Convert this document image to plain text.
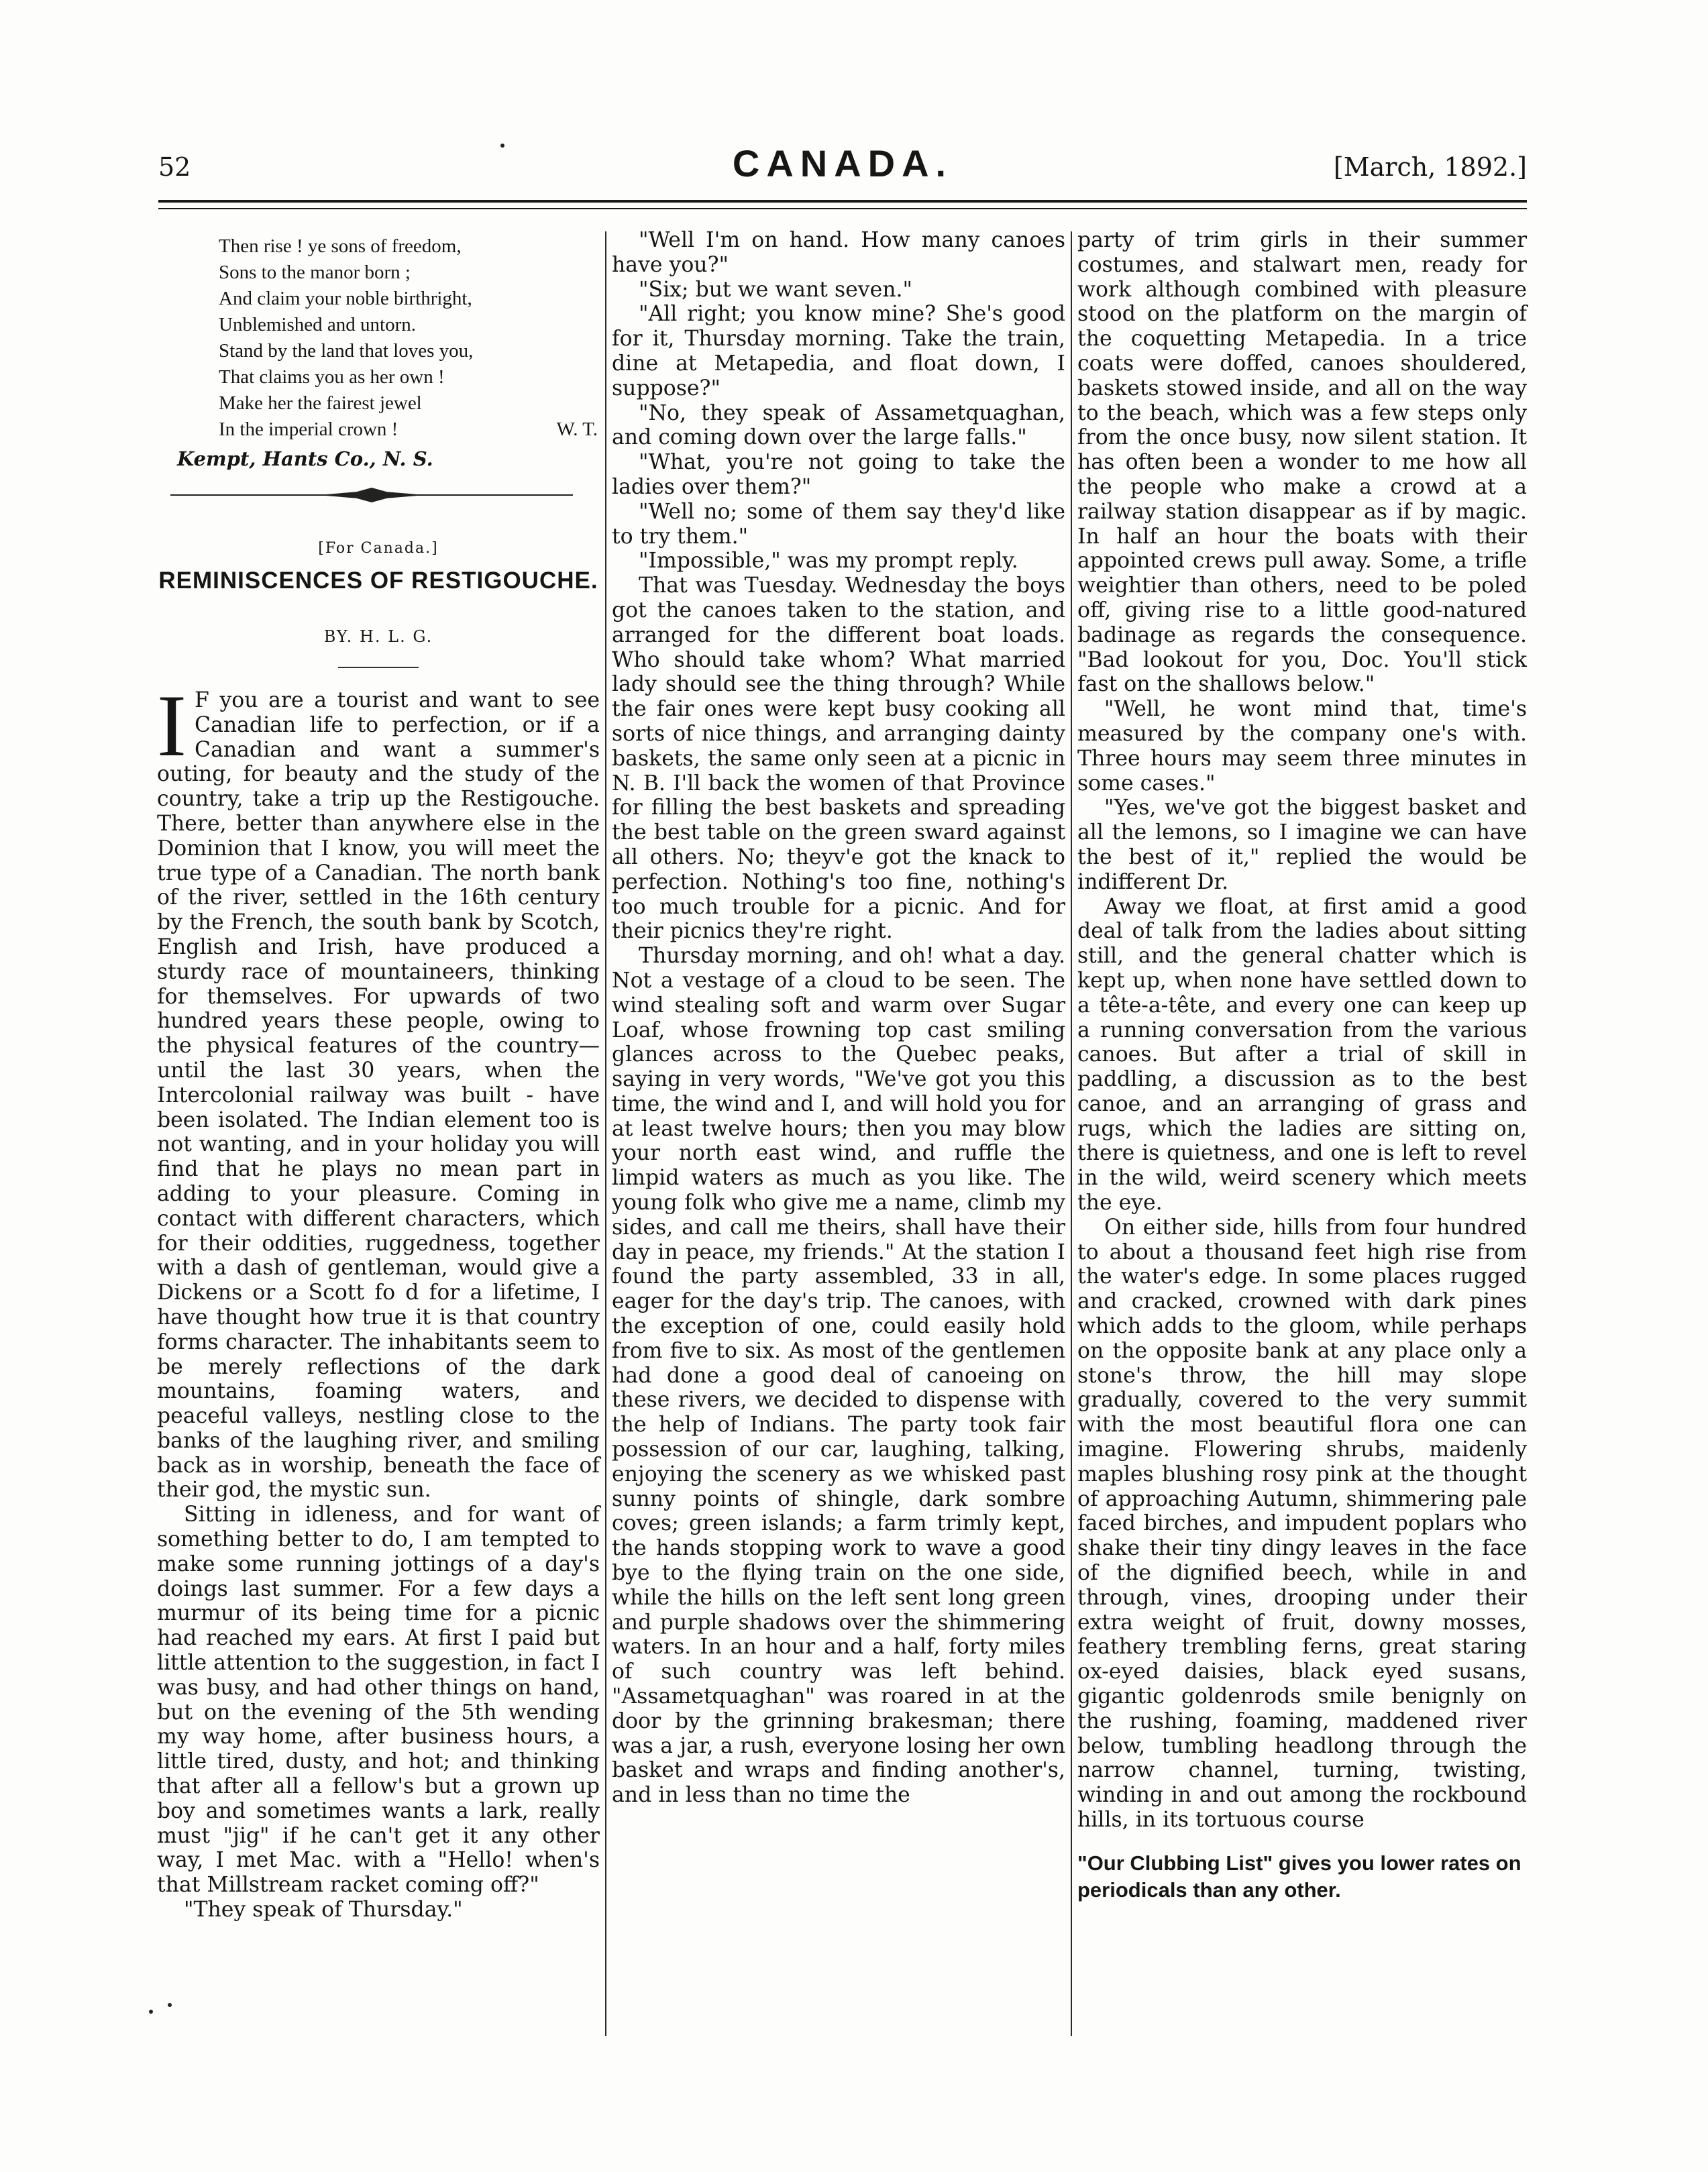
52	CANADA.	[March, 1892.]
Then rise ! ye sons of freedom,
Sons to the manor born ;
And claim your noble birthright,
Unblemished and untorn.
Stand by the land that loves you,
That claims you as her own !
Make her the fairest jewel
In the imperial crown !	W. T.
Kempt, Hants Co., N. S.
[For Canada.]
REMINISCENCES OF RESTIGOUCHE.
BY. H. L. G.
I F you are a tourist and want to see Canadian life to perfection, or if a Canadian and want a summer's outing, for beauty and the study of the country, take a trip up the Restigouche. There, better than anywhere else in the Dominion that I know, you will meet the true type of a Canadian. The north bank of the river, settled in the 16th century by the French, the south bank by Scotch, English and Irish, have produced a sturdy race of mountaineers, thinking for themselves. For upwards of two hundred years these people, owing to the physical features of the country—until the last 30 years, when the Intercolonial railway was built - have been isolated. The Indian element too is not wanting, and in your holiday you will find that he plays no mean part in adding to your pleasure. Coming in contact with different characters, which for their oddities, ruggedness, together with a dash of gentleman, would give a Dickens or a Scott fo d for a lifetime, I have thought how true it is that country forms character. The inhabitants seem to be merely reflections of the dark mountains, foaming waters, and peaceful valleys, nestling close to the banks of the laughing river, and smiling back as in worship, beneath the face of their god, the mystic sun.

Sitting in idleness, and for want of something better to do, I am tempted to make some running jottings of a day's doings last summer. For a few days a murmur of its being time for a picnic had reached my ears. At first I paid but little attention to the suggestion, in fact I was busy, and had other things on hand, but on the evening of the 5th wending my way home, after business hours, a little tired, dusty, and hot; and thinking that after all a fellow's but a grown up boy and sometimes wants a lark, really must "jig" if he can't get it any other way, I met Mac. with a "Hello! when's that Millstream racket coming off?"

"They speak of Thursday."

"Well I'm on hand. How many canoes have you?"

"Six; but we want seven."

"All right; you know mine? She's good for it, Thursday morning. Take the train, dine at Metapedia, and float down, I suppose?"

"No, they speak of Assametquaghan, and coming down over the large falls."

"What, you're not going to take the ladies over them?"

"Well no; some of them say they'd like to try them."

"Impossible," was my prompt reply.

That was Tuesday. Wednesday the boys got the canoes taken to the station, and arranged for the different boat loads. Who should take whom? What married lady should see the thing through? While the fair ones were kept busy cooking all sorts of nice things, and arranging dainty baskets, the same only seen at a picnic in N. B. I'll back the women of that Province for filling the best baskets and spreading the best table on the green sward against all others. No; theyv'e got the knack to perfection. Nothing's too fine, nothing's too much trouble for a picnic. And for their picnics they're right.

Thursday morning, and oh! what a day. Not a vestage of a cloud to be seen. The wind stealing soft and warm over Sugar Loaf, whose frowning top cast smiling glances across to the Quebec peaks, saying in very words, "We've got you this time, the wind and I, and will hold you for at least twelve hours; then you may blow your north east wind, and ruffle the limpid waters as much as you like. The young folk who give me a name, climb my sides, and call me theirs, shall have their day in peace, my friends." At the station I found the party assembled, 33 in all, eager for the day's trip. The canoes, with the exception of one, could easily hold from five to six. As most of the gentlemen had done a good deal of canoeing on these rivers, we decided to dispense with the help of Indians. The party took fair possession of our car, laughing, talking, enjoying the scenery as we whisked past sunny points of shingle, dark sombre coves; green islands; a farm trimly kept, the hands stopping work to wave a good bye to the flying train on the one side, while the hills on the left sent long green and purple shadows over the shimmering waters. In an hour and a half, forty miles of such country was left behind. "Assametquaghan" was roared in at the door by the grinning brakesman; there was a jar, a rush, everyone losing her own basket and wraps and finding another's, and in less than no time the

party of trim girls in their summer costumes, and stalwart men, ready for work although combined with pleasure stood on the platform on the margin of the coquetting Metapedia. In a trice coats were doffed, canoes shouldered, baskets stowed inside, and all on the way to the beach, which was a few steps only from the once busy, now silent station. It has often been a wonder to me how all the people who make a crowd at a railway station disappear as if by magic. In half an hour the boats with their appointed crews pull away. Some, a trifle weightier than others, need to be poled off, giving rise to a little good-natured badinage as regards the consequence. "Bad lookout for you, Doc. You'll stick fast on the shallows below."

"Well, he wont mind that, time's measured by the company one's with. Three hours may seem three minutes in some cases."

"Yes, we've got the biggest basket and all the lemons, so I imagine we can have the best of it," replied the would be indifferent Dr.

Away we float, at first amid a good deal of talk from the ladies about sitting still, and the general chatter which is kept up, when none have settled down to a tête-a-tête, and every one can keep up a running conversation from the various canoes. But after a trial of skill in paddling, a discussion as to the best canoe, and an arranging of grass and rugs, which the ladies are sitting on, there is quietness, and one is left to revel in the wild, weird scenery which meets the eye.

On either side, hills from four hundred to about a thousand feet high rise from the water's edge. In some places rugged and cracked, crowned with dark pines which adds to the gloom, while perhaps on the opposite bank at any place only a stone's throw, the hill may slope gradually, covered to the very summit with the most beautiful flora one can imagine. Flowering shrubs, maidenly maples blushing rosy pink at the thought of approaching Autumn, shimmering pale faced birches, and impudent poplars who shake their tiny dingy leaves in the face of the dignified beech, while in and through, vines, drooping under their extra weight of fruit, downy mosses, feathery trembling ferns, great staring ox-eyed daisies, black eyed susans, gigantic goldenrods smile benignly on the rushing, foaming, maddened river below, tumbling headlong through the narrow channel, turning, twisting, winding in and out among the rockbound hills, in its tortuous course

"Our Clubbing List" gives you lower rates on periodicals than any other.
